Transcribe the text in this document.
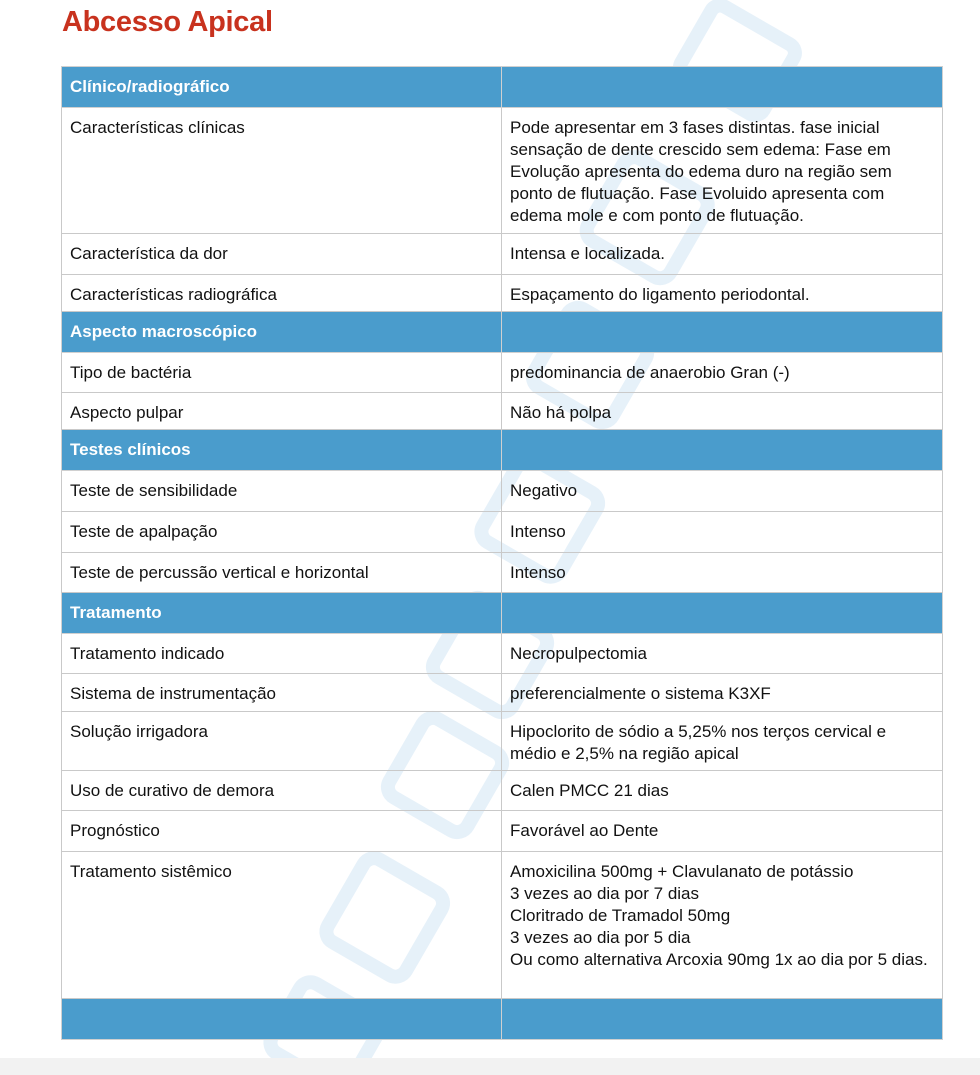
Abcesso Apical
Clínico/radiográfico	
Características clínicas	Pode apresentar em 3 fases distintas. fase inicial sensação de dente crescido sem edema: Fase em Evolução apresenta do edema duro na região sem ponto de flutuação. Fase Evoluido apresenta com edema mole e com ponto de flutuação.
Característica da dor	Intensa e localizada.
Características radiográfica	Espaçamento do ligamento periodontal.
Aspecto macroscópico	
Tipo de bactéria	predominancia de anaerobio Gran (-)
Aspecto pulpar	Não há polpa
Testes clínicos	
Teste de sensibilidade	Negativo
Teste de apalpação	Intenso
Teste de percussão vertical e horizontal	Intenso
Tratamento	
Tratamento indicado	Necropulpectomia
Sistema de instrumentação	preferencialmente o sistema K3XF
Solução irrigadora	Hipoclorito de sódio a 5,25% nos terços cervical e médio e 2,5% na região apical
Uso de curativo de demora	Calen PMCC 21 dias
Prognóstico	Favorável ao Dente
Tratamento sistêmico	Amoxicilina 500mg + Clavulanato de potássio
3 vezes ao dia por 7 dias
Cloritrado de Tramadol 50mg
3 vezes ao dia por 5 dia
Ou como alternativa Arcoxia 90mg 1x ao dia por 5 dias.
